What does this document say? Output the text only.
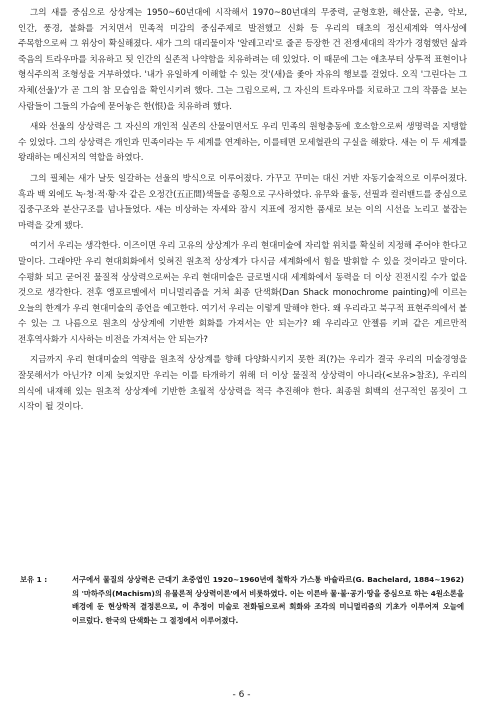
그의 새를 중심으로 상상계는 1950~60년대에 시작해서 1970~80년대의 무중력, 균형호환, 해산물, 곤충, 악보, 인간, 풍경, 불화를 거치면서 민족적 미감의 중심주제로 발전했고 신화 등 우리의 태초의 정신세계와 역사성에 주목함으로써 그 위상이 확실해졌다. 새가 그의 대리물이자 '알레고리'로 줄곧 등장한 건 전쟁세대의 작가가 경험했던 삶과 죽음의 트라우마를 치유하고 됫 인간의 실존적 나약함을 치유하려는 데 있었다. 이 때문에 그는 애초부터 상투적 표현이나 형식주의적 조형성을 거부하였다. '내가 유일하게 이해할 수 있는 것'(새)을 좇아 자유의 행보를 걸었다. 오직 '그린다는 그 자체(선울)'가 곧 그의 참 모습임을 확인시키려 했다. 그는 그림으로써, 그 자신의 트라우마를 치료하고 그의 작품을 보는 사람들이 그들의 가슴에 묻어놓은 한(恨)을 치유하려 했다.

새와 선울의 상상력은 그 자신의 개인적 실존의 산물이면서도 우리 민족의 원형충동에 호소함으로써 생명력을 지탱할 수 있었다. 그의 상상력은 개인과 민족이라는 두 세계를 연계하는, 이를테면 모세혈관의 구실을 해왔다. 새는 이 두 세계를 왕래하는 메신저의 역할을 하였다.

그의 필체는 새가 날듯 일갈하는 선울의 방식으로 이루어졌다. 가꾸고 꾸미는 대신 거반 자동기술적으로 이루어졌다. 흑과 백 외에도 녹·청·적·황·자 같은 오정간(五正間)색들을 종횡으로 구사하였다. 유무와 율동, 선필과 컬러밴드를 중심으로 집중구조와 분산구조를 넘나들었다. 새는 비상하는 자세와 잠시 지표에 정지한 품새로 보는 이의 시선을 노리고 붙잡는 마력을 갖게 됐다.

여기서 우리는 생각한다. 이즈이면 우리 고유의 상상계가 우리 현대미술에 자리할 위치를 확실히 지정해 주어야 한다고 말이다. 그래야만 우리 현대회화에서 잊혀진 원초적 상상계가 다시금 세계화에서 힘을 발휘할 수 있을 것이라고 말이다. 수평화 되고 굳어진 물질적 상상력으로써는 우리 현대미술은 글로벌시대 세계화에서 동력을 더 이상 진전시킬 수가 없을 것으로 생각한다. 전후 앵포르멜에서 미니멀리즘을 거쳐 최종 단색화(Dan Shack monochrome painting)에 이르는 오늘의 한계가 우리 현대미술의 종언을 예고한다. 여기서 우리는 이렇게 말해야 한다. 왜 우리라고 북구적 표현주의에서 볼 수 있는 그 나름으로 원초의 상상계에 기반한 회화를 가져서는 안 되는가? 왜 우리라고 안젤름 키퍼 같은 게르만적 전후역사화가 시사하는 비전을 가져서는 안 되는가?

지금까지 우리 현대미술의 역량을 원초적 상상계를 향해 다양화시키지 못한 죄(?)는 우리가 결국 우리의 미술경영을 잘못해서가 아닌가? 이제 늦었지만 우리는 이를 타개하기 위해 더 이상 물질적 상상력이 아니라(<보유>참조), 우리의 의식에 내재해 있는 원초적 상상계에 기반한 초월적 상상력을 적극 추진해야 한다. 최종원 회백의 선구적인 몸짓이 그 시작이 될 것이다.

보유 1 :	서구에서 물질의 상상력은 근대기 초중엽인 1920~1960년에 철학자 가스통 바슐라르(G. Bachelard, 1884~1962)의 '마하주의(Machism)의 유물론적 상상력이론'에서 비롯하였다. 이는 이른바 물·불·공기·땅을 중심으로 하는 4원소론을 배경에 둔 현상학적 결정론으로, 이 추정이 미술로 전화됨으로써 회화와 조각의 미니멀리즘의 기초가 이루어져 오늘에 이르렀다. 한국의 단색화는 그 절정에서 이루어졌다.
- 6 -
